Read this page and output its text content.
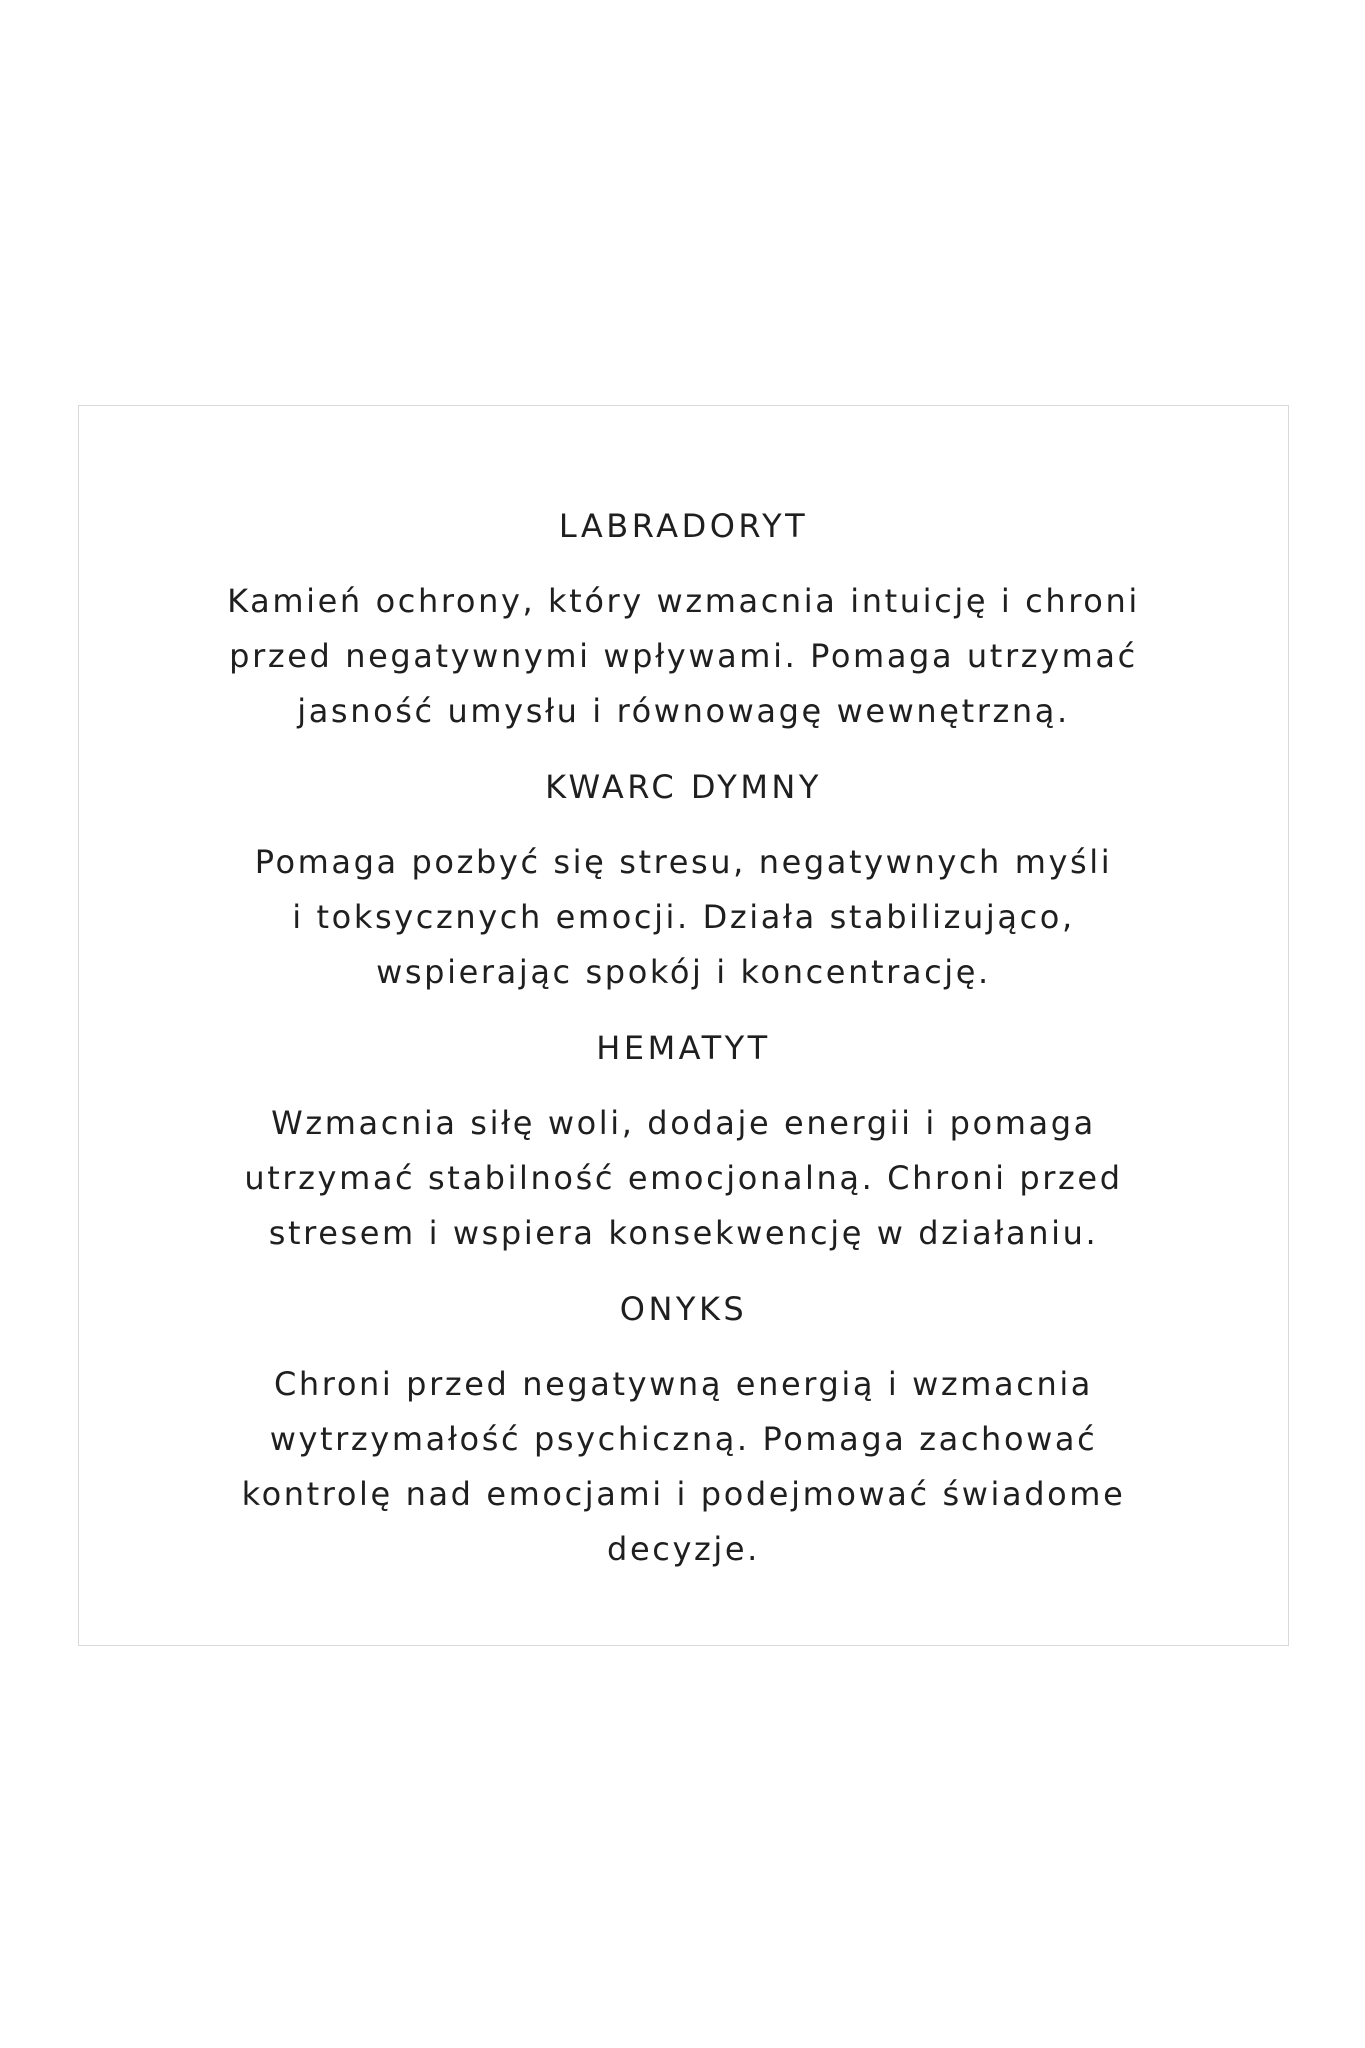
LABRADORYT

Kamień ochrony, który wzmacnia intuicję i chroni
przed negatywnymi wpływami. Pomaga utrzymać
jasność umysłu i równowagę wewnętrzną.

KWARC DYMNY

Pomaga pozbyć się stresu, negatywnych myśli
i toksycznych emocji. Działa stabilizująco,
wspierając spokój i koncentrację.

HEMATYT

Wzmacnia siłę woli, dodaje energii i pomaga
utrzymać stabilność emocjonalną. Chroni przed
stresem i wspiera konsekwencję w działaniu.

ONYKS

Chroni przed negatywną energią i wzmacnia
wytrzymałość psychiczną. Pomaga zachować
kontrolę nad emocjami i podejmować świadome
decyzje.
